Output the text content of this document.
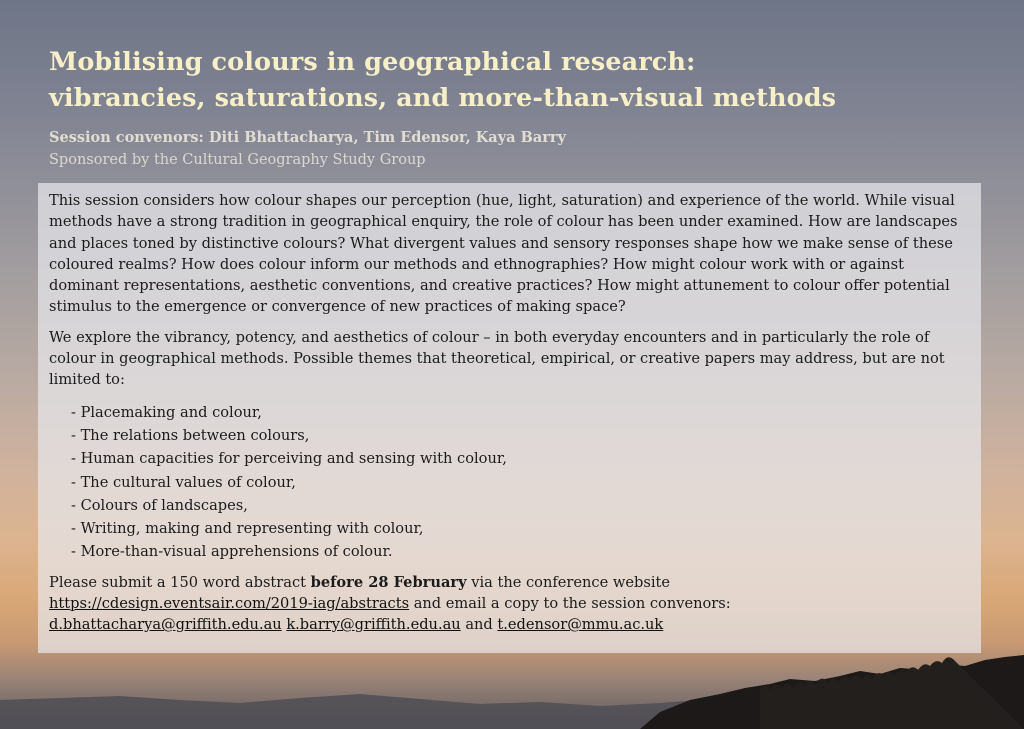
Mobilising colours in geographical research:
vibrancies, saturations, and more-than-visual methods
Session convenors: Diti Bhattacharya, Tim Edensor, Kaya Barry
Sponsored by the Cultural Geography Study Group

This session considers how colour shapes our perception (hue, light, saturation) and experience of the world. While visual methods have a strong tradition in geographical enquiry, the role of colour has been under examined. How are landscapes and places toned by distinctive colours? What divergent values and sensory responses shape how we make sense of these coloured realms? How does colour inform our methods and ethnographies? How might colour work with or against dominant representations, aesthetic conventions, and creative practices? How might attunement to colour offer potential stimulus to the emergence or convergence of new practices of making space?

We explore the vibrancy, potency, and aesthetics of colour – in both everyday encounters and in particularly the role of colour in geographical methods. Possible themes that theoretical, empirical, or creative papers may address, but are not limited to:

- Placemaking and colour,
- The relations between colours,
- Human capacities for perceiving and sensing with colour,
- The cultural values of colour,
- Colours of landscapes,
- Writing, making and representing with colour,
- More-than-visual apprehensions of colour.

Please submit a 150 word abstract before 28 February via the conference website
https://cdesign.eventsair.com/2019-iag/abstracts and email a copy to the session convenors:
d.bhattacharya@griffith.edu.au k.barry@griffith.edu.au and t.edensor@mmu.ac.uk
